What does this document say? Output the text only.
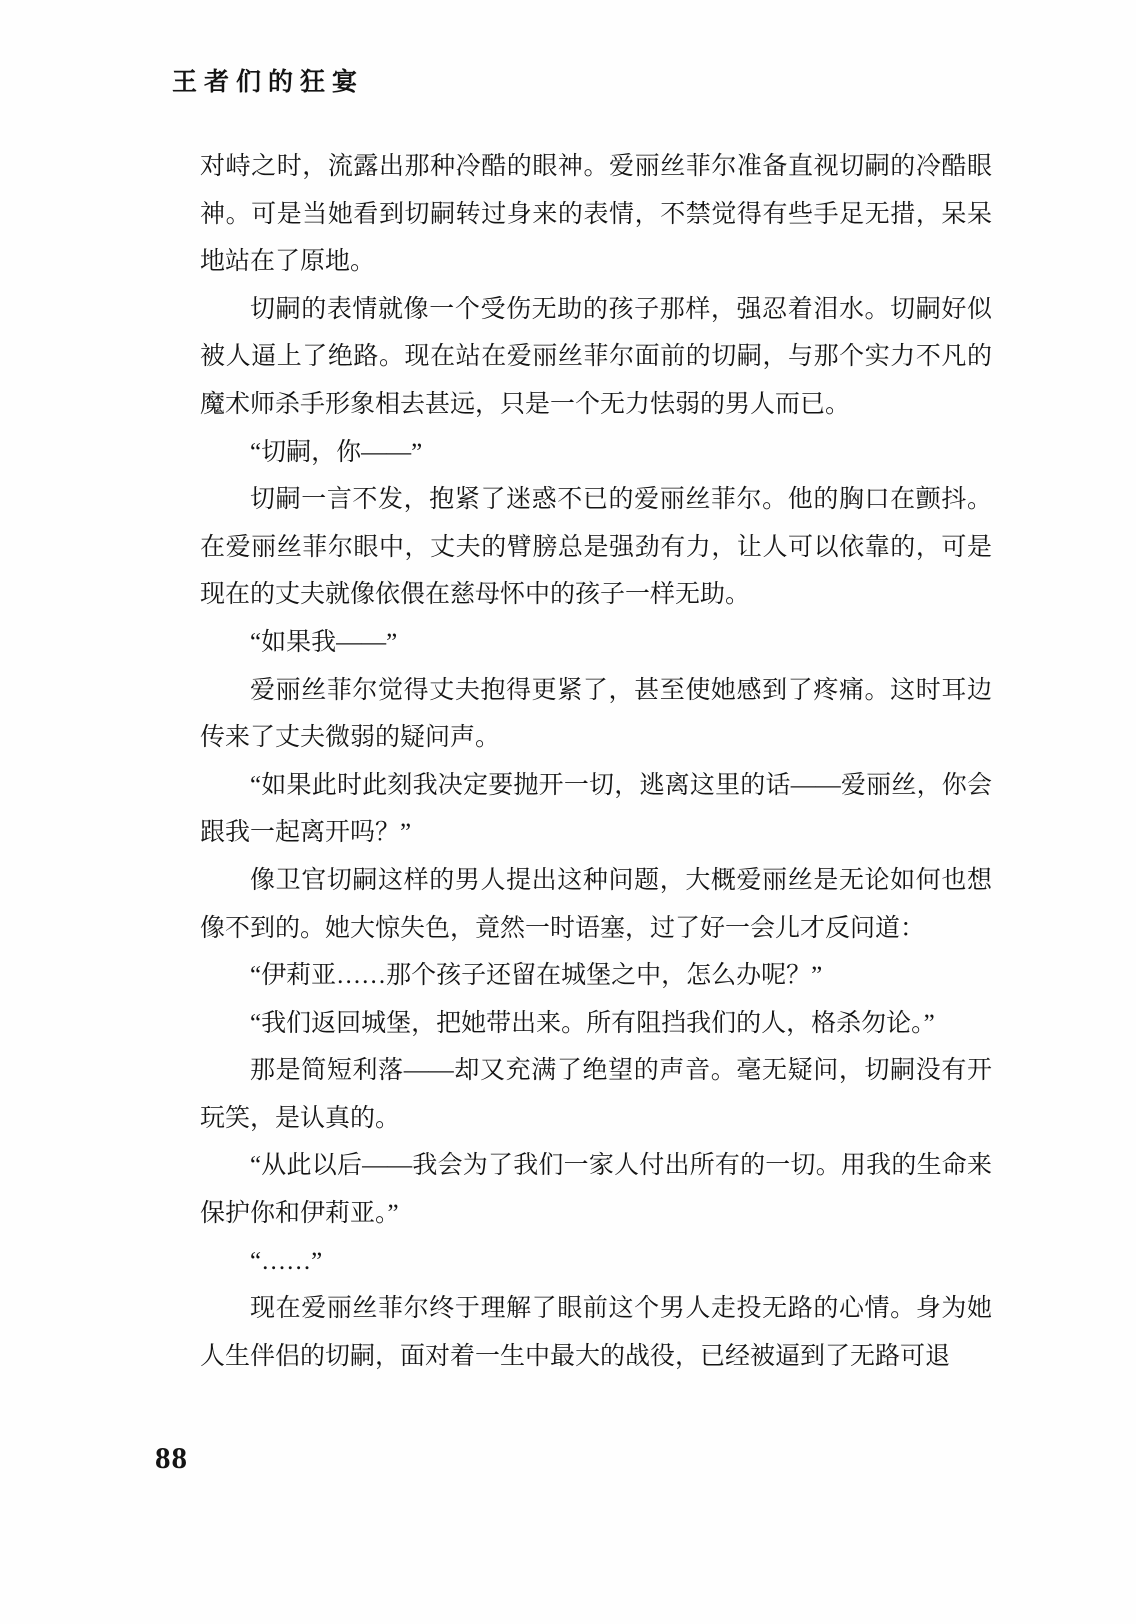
王者们的狂宴

对峙之时，流露出那种冷酷的眼神。爱丽丝菲尔准备直视切嗣的冷酷眼神。可是当她看到切嗣转过身来的表情，不禁觉得有些手足无措，呆呆地站在了原地。

切嗣的表情就像一个受伤无助的孩子那样，强忍着泪水。切嗣好似被人逼上了绝路。现在站在爱丽丝菲尔面前的切嗣，与那个实力不凡的魔术师杀手形象相去甚远，只是一个无力怯弱的男人而已。

“切嗣，你——”

切嗣一言不发，抱紧了迷惑不已的爱丽丝菲尔。他的胸口在颤抖。在爱丽丝菲尔眼中，丈夫的臂膀总是强劲有力，让人可以依靠的，可是现在的丈夫就像依偎在慈母怀中的孩子一样无助。

“如果我——”

爱丽丝菲尔觉得丈夫抱得更紧了，甚至使她感到了疼痛。这时耳边传来了丈夫微弱的疑问声。

“如果此时此刻我决定要抛开一切，逃离这里的话——爱丽丝，你会跟我一起离开吗？”

像卫官切嗣这样的男人提出这种问题，大概爱丽丝是无论如何也想像不到的。她大惊失色，竟然一时语塞，过了好一会儿才反问道：

“伊莉亚……那个孩子还留在城堡之中，怎么办呢？”

“我们返回城堡，把她带出来。所有阻挡我们的人，格杀勿论。”

那是简短利落——却又充满了绝望的声音。毫无疑问，切嗣没有开玩笑，是认真的。

“从此以后——我会为了我们一家人付出所有的一切。用我的生命来保护你和伊莉亚。”

“……”

现在爱丽丝菲尔终于理解了眼前这个男人走投无路的心情。身为她人生伴侣的切嗣，面对着一生中最大的战役，已经被逼到了无路可退

88
